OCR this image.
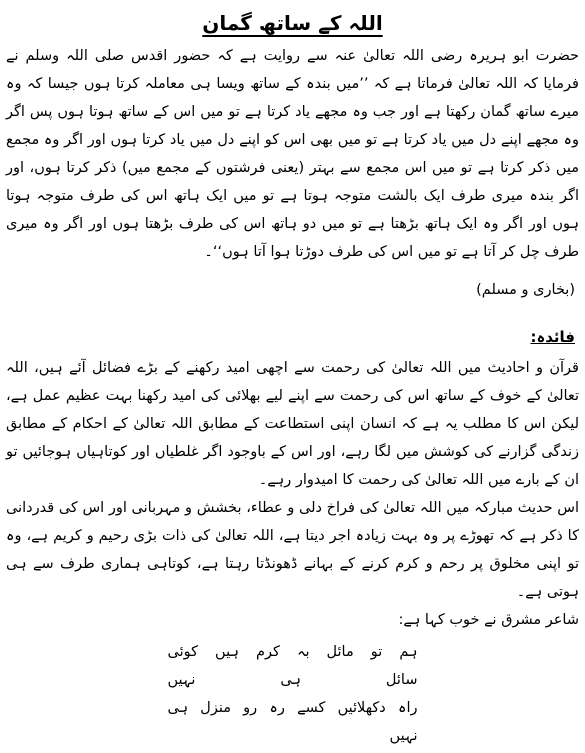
اللہ کے ساتھ گمان

حضرت ابو ہریرہ رضی اللہ تعالیٰ عنہ سے روایت ہے کہ حضور اقدس صلی اللہ وسلم نے فرمایا کہ اللہ تعالیٰ فرماتا ہے کہ ’’میں بندہ کے ساتھ ویسا ہی معاملہ کرتا ہوں جیسا کہ وہ میرے ساتھ گمان رکھتا ہے اور جب وہ مجھے یاد کرتا ہے تو میں اس کے ساتھ ہوتا ہوں پس اگر وہ مجھے اپنے دل میں یاد کرتا ہے تو میں بھی اس کو اپنے دل میں یاد کرتا ہوں اور اگر وہ مجمع میں ذکر کرتا ہے تو میں اس مجمع سے بہتر (یعنی فرشتوں کے مجمع میں) ذکر کرتا ہوں، اور اگر بندہ میری طرف ایک بالشت متوجہ ہوتا ہے تو میں ایک ہاتھ اس کی طرف متوجہ ہوتا ہوں اور اگر وہ ایک ہاتھ بڑھتا ہے تو میں دو ہاتھ اس کی طرف بڑھتا ہوں اور اگر وہ میری طرف چل کر آتا ہے تو میں اس کی طرف دوڑتا ہوا آتا ہوں‘‘۔

(بخاری و مسلم)
فائدہ:

قرآن و احادیث میں اللہ تعالیٰ کی رحمت سے اچھی امید رکھنے کے بڑے فضائل آئے ہیں، اللہ تعالیٰ کے خوف کے ساتھ اس کی رحمت سے اپنے لیے بھلائی کی امید رکھنا بہت عظیم عمل ہے، لیکن اس کا مطلب یہ ہے کہ انسان اپنی استطاعت کے مطابق اللہ تعالیٰ کے احکام کے مطابق زندگی گزارنے کی کوشش میں لگا رہے، اور اس کے باوجود اگر غلطیاں اور کوتاہیاں ہوجائیں تو ان کے بارے میں اللہ تعالیٰ کی رحمت کا امیدوار رہے۔

اس حدیث مبارکہ میں اللہ تعالیٰ کی فراخ دلی و عطاء، بخشش و مہربانی اور اس کی قدردانی کا ذکر ہے کہ تھوڑے پر وہ بہت زیادہ اجر دیتا ہے، اللہ تعالیٰ کی ذات بڑی رحیم و کریم ہے، وہ تو اپنی مخلوق پر رحم و کرم کرنے کے بہانے ڈھونڈتا رہتا ہے، کوتاہی ہماری طرف سے ہی ہوتی ہے۔

شاعر مشرق نے خوب کہا ہے:

ہم تو مائل بہ کرم ہیں کوئی سائل ہی نہیں
راہ دکھلائیں کسے رہ رو منزل ہی نہیں
